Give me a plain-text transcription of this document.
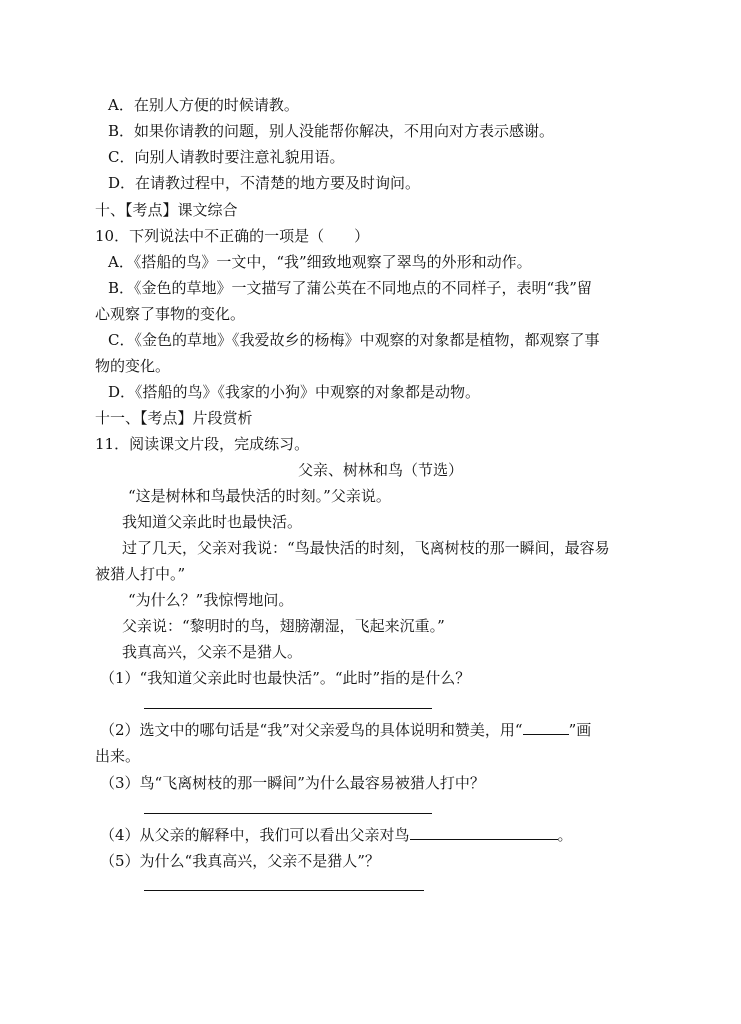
A．在别人方便的时候请教。
B．如果你请教的问题，别人没能帮你解决，不用向对方表示感谢。
C．向别人请教时要注意礼貌用语。
D．在请教过程中，不清楚的地方要及时询问。
十、【考点】课文综合
10．下列说法中不正确的一项是（　　）
A．《搭船的鸟》一文中，“我”细致地观察了翠鸟的外形和动作。
B．《金色的草地》一文描写了蒲公英在不同地点的不同样子，表明“我”留
心观察了事物的变化。
C．《金色的草地》《我爱故乡的杨梅》中观察的对象都是植物，都观察了事
物的变化。
D．《搭船的鸟》《我家的小狗》中观察的对象都是动物。
十一、【考点】片段赏析
11．阅读课文片段，完成练习。
父亲、树林和鸟（节选）
“这是树林和鸟最快活的时刻。”父亲说。
我知道父亲此时也最快活。
过了几天，父亲对我说：“鸟最快活的时刻，飞离树枝的那一瞬间，最容易
被猎人打中。”
“为什么？”我惊愕地问。
父亲说：“黎明时的鸟，翅膀潮湿，飞起来沉重。”
我真高兴，父亲不是猎人。
（1）“我知道父亲此时也最快活”。“此时”指的是什么？
（2）选文中的哪句话是“我”对父亲爱鸟的具体说明和赞美，用“	”画
出来。
（3）鸟“飞离树枝的那一瞬间”为什么最容易被猎人打中？
（4）从父亲的解释中，我们可以看出父亲对鸟	。
（5）为什么“我真高兴，父亲不是猎人”？
